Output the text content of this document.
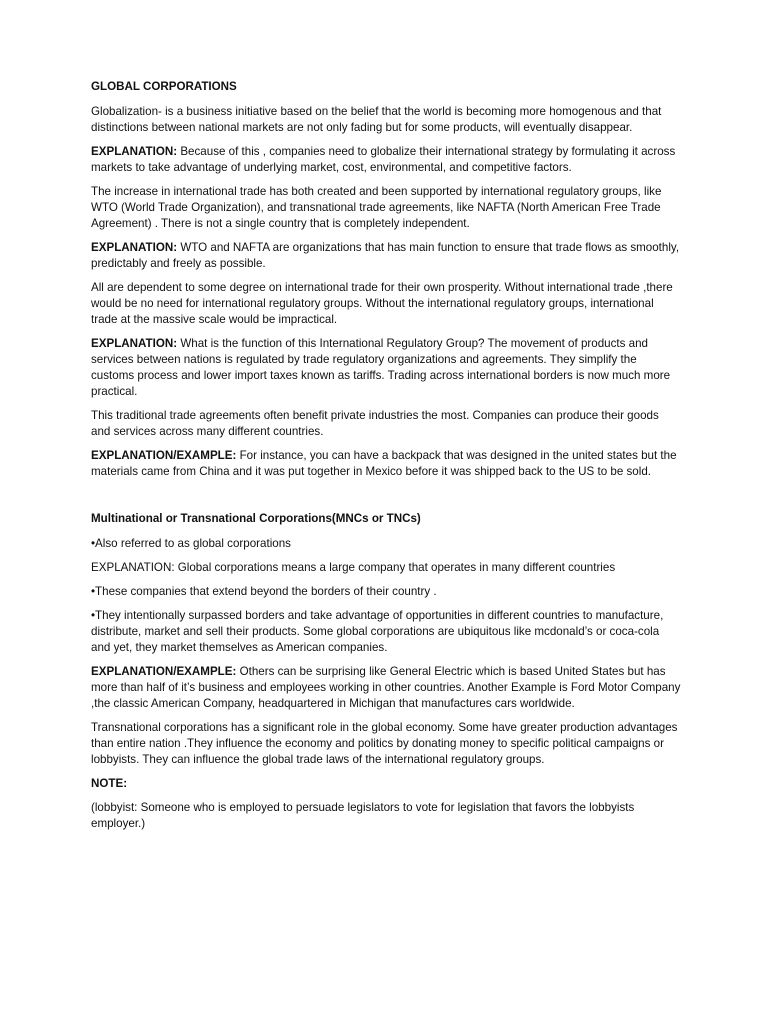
GLOBAL CORPORATIONS

Globalization- is a business initiative based on the belief that the world is becoming more homogenous and that distinctions between national markets are not only fading but for some products, will eventually disappear.

EXPLANATION: Because of this , companies need to globalize their international strategy by formulating it across markets to take advantage of underlying market, cost, environmental, and competitive factors.

The increase in international trade has both created and been supported by international regulatory groups, like WTO (World Trade Organization), and transnational trade agreements, like NAFTA (North American Free Trade Agreement) . There is not a single country that is completely independent.

EXPLANATION: WTO and NAFTA are organizations that has main function to ensure that trade flows as smoothly, predictably and freely as possible.

All are dependent to some degree on international trade for their own prosperity. Without international trade ,there would be no need for international regulatory groups. Without the international regulatory groups, international trade at the massive scale would be impractical.

EXPLANATION: What is the function of this International Regulatory Group? The movement of products and services between nations is regulated by trade regulatory organizations and agreements. They simplify the customs process and lower import taxes known as tariffs. Trading across international borders is now much more practical.

This traditional trade agreements often benefit private industries the most. Companies can produce their goods and services across many different countries.

EXPLANATION/EXAMPLE: For instance, you can have a backpack that was designed in the united states but the materials came from China and it was put together in Mexico before it was shipped back to the US to be sold.

Multinational or Transnational Corporations(MNCs or TNCs)

•Also referred to as global corporations

EXPLANATION: Global corporations means a large company that operates in many different countries

•These companies that extend beyond the borders of their country .

•They intentionally surpassed borders and take advantage of opportunities in different countries to manufacture, distribute, market and sell their products. Some global corporations are ubiquitous like mcdonald’s or coca-cola and yet, they market themselves as American companies.

EXPLANATION/EXAMPLE: Others can be surprising like General Electric which is based United States but has more than half of it’s business and employees working in other countries. Another Example is Ford Motor Company ,the classic American Company, headquartered in Michigan that manufactures cars worldwide.

Transnational corporations has a significant role in the global economy. Some have greater production advantages than entire nation .They influence the economy and politics by donating money to specific political campaigns or lobbyists. They can influence the global trade laws of the international regulatory groups.

NOTE:

(lobbyist: Someone who is employed to persuade legislators to vote for legislation that favors the lobbyists employer.)
